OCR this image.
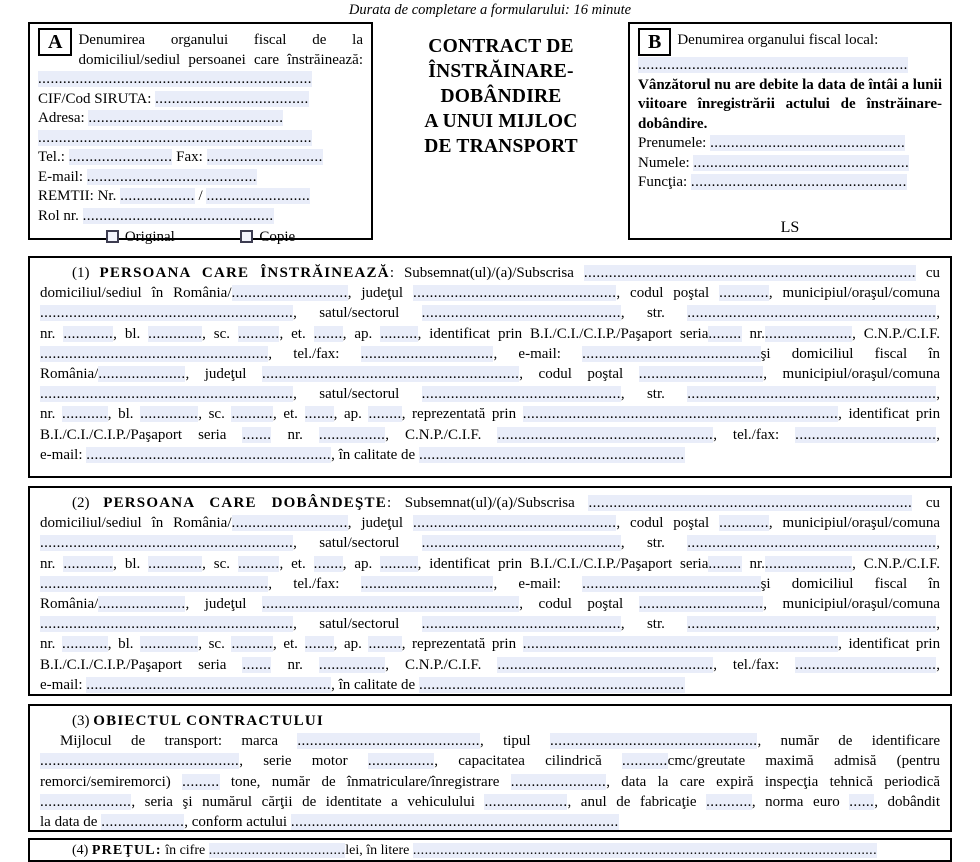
Durata de completare a formularului: 16 minute
A	Denumirea organului fiscal de la domiciliul/sediul persoanei care înstrăinează:
..................................................................
CIF/Cod SIRUTA: .....................................
Adresa: ...............................................
..................................................................
Tel.: ......................... Fax: ............................
E-mail: .........................................
REMTII: Nr. .................. / .........................
Rol nr. ..............................................
Original	Copie
CONTRACT DE
ÎNSTRĂINARE-
DOBÂNDIRE
A UNUI MIJLOC
DE TRANSPORT
B	Denumirea organului fiscal local:
.................................................................
Vânzătorul nu are debite la data de întâi a lunii viitoare înregistrării actului de înstrăinare-dobândire.
Prenumele: ...............................................
Numele: ....................................................
Funcţia: ....................................................
LS
(1) PERSOANA CARE ÎNSTRĂINEAZĂ: Subsemnat(ul)/(a)/Subscrisa ................................................................................ cu
domiciliul/sediul în România/............................, judeţul ................................................., codul poştal ............, municipiul/oraşul/comuna
............................................................., satul/sectorul ................................................, str. ............................................................,
nr. ............, bl. ............., sc. .........., et. ......., ap. ........., identificat prin B.I./C.I./C.I.P./Paşaport seria........ nr......................, C.N.P./C.I.F.
......................................................., tel./fax: ................................, e-mail: ...........................................şi domiciliul fiscal în
România/....................., judeţul .............................................................., codul poştal .............................., municipiul/oraşul/comuna
............................................................., satul/sectorul ................................................, str. ............................................................,
nr. ..........., bl. .............., sc. .........., et. ......., ap. ........, reprezentată prin ............................................................................, identificat prin
B.I./C.I./C.I.P./Paşaport seria ....... nr. ................, C.N.P./C.I.F. ...................................................., tel./fax: ..................................,
e-mail: ..........................................................., în calitate de ................................................................
(2) PERSOANA CARE DOBÂNDEŞTE: Subsemnat(ul)/(a)/Subscrisa .............................................................................. cu
domiciliul/sediul în România/............................, judeţul ................................................., codul poştal ............, municipiul/oraşul/comuna
............................................................., satul/sectorul ................................................, str. ............................................................,
nr. ............, bl. ............., sc. .........., et. ......., ap. ........., identificat prin B.I./C.I./C.I.P./Paşaport seria........ nr......................, C.N.P./C.I.F.
......................................................., tel./fax: ................................, e-mail: ...........................................şi domiciliul fiscal în
România/....................., judeţul .............................................................., codul poştal .............................., municipiul/oraşul/comuna
............................................................., satul/sectorul ................................................, str. ............................................................,
nr. ..........., bl. .............., sc. .........., et. ......., ap. ........, reprezentată prin ............................................................................, identificat prin
B.I./C.I./C.I.P./Paşaport seria ....... nr. ................, C.N.P./C.I.F. ...................................................., tel./fax: ..................................,
e-mail: ..........................................................., în calitate de ................................................................
(3) OBIECTUL CONTRACTULUI
Mijlocul de transport: marca ............................................, tipul .................................................., număr de identificare
................................................, serie motor ................, capacitatea cilindrică ...........cmc/greutate maximă admisă (pentru
remorci/semiremorci) ......... tone, număr de înmatriculare/înregistrare ......................., data la care expiră inspecţia tehnică periodică
......................, seria şi numărul cărţii de identitate a vehiculului ...................., anul de fabricaţie ..........., norma euro ......, dobândit
la data de ...................., conform actului ...............................................................................
(4) PREŢUL: în cifre ...................................lei, în litere .......................................................................................................................
